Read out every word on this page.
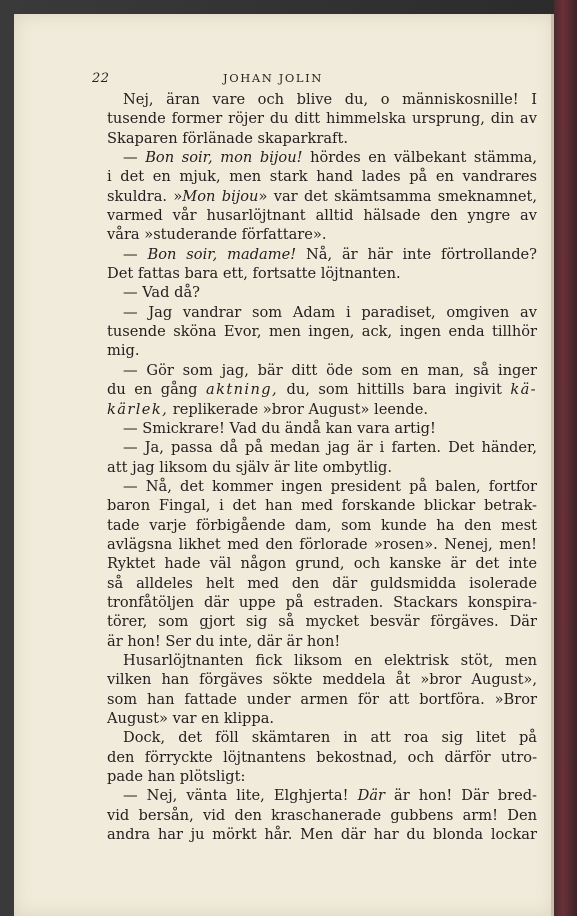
22	JOHAN JOLIN
Nej, äran vare och blive du, o människosnille! I
tusende former röjer du ditt himmelska ursprung, din av
Skaparen förlänade skaparkraft.
— Bon soir, mon bijou! hördes en välbekant stämma,
i det en mjuk, men stark hand lades på en vandrares
skuldra. »Mon bijou» var det skämtsamma smeknamnet,
varmed vår husarlöjtnant alltid hälsade den yngre av
våra »studerande författare».
— Bon soir, madame! Nå, är här inte förtrollande?
Det fattas bara ett, fortsatte löjtnanten.
— Vad då?
— Jag vandrar som Adam i paradiset, omgiven av
tusende sköna Evor, men ingen, ack, ingen enda tillhör
mig.
— Gör som jag, bär ditt öde som en man, så inger
du en gång aktning, du, som hittills bara ingivit kä-
kärlek, replikerade »bror August» leende.
— Smickrare! Vad du ändå kan vara artig!
— Ja, passa då på medan jag är i farten. Det händer,
att jag liksom du själv är lite ombytlig.
— Nå, det kommer ingen president på balen, fortfor
baron Fingal, i det han med forskande blickar betrak-
tade varje förbigående dam, som kunde ha den mest
avlägsna likhet med den förlorade »rosen». Nenej, men!
Ryktet hade väl någon grund, och kanske är det inte
så alldeles helt med den där guldsmidda isolerade
tronfåtöljen där uppe på estraden. Stackars konspira-
törer, som gjort sig så mycket besvär förgäves. Där
är hon! Ser du inte, där är hon!
Husarlöjtnanten fick liksom en elektrisk stöt, men
vilken han förgäves sökte meddela åt »bror August»,
som han fattade under armen för att bortföra. »Bror
August» var en klippa.
Dock, det föll skämtaren in att roa sig litet på
den förryckte löjtnantens bekostnad, och därför utro-
pade han plötsligt:
— Nej, vänta lite, Elghjerta! Där är hon! Där bred-
vid bersån, vid den kraschanerade gubbens arm! Den
andra har ju mörkt hår. Men där har du blonda lockar
